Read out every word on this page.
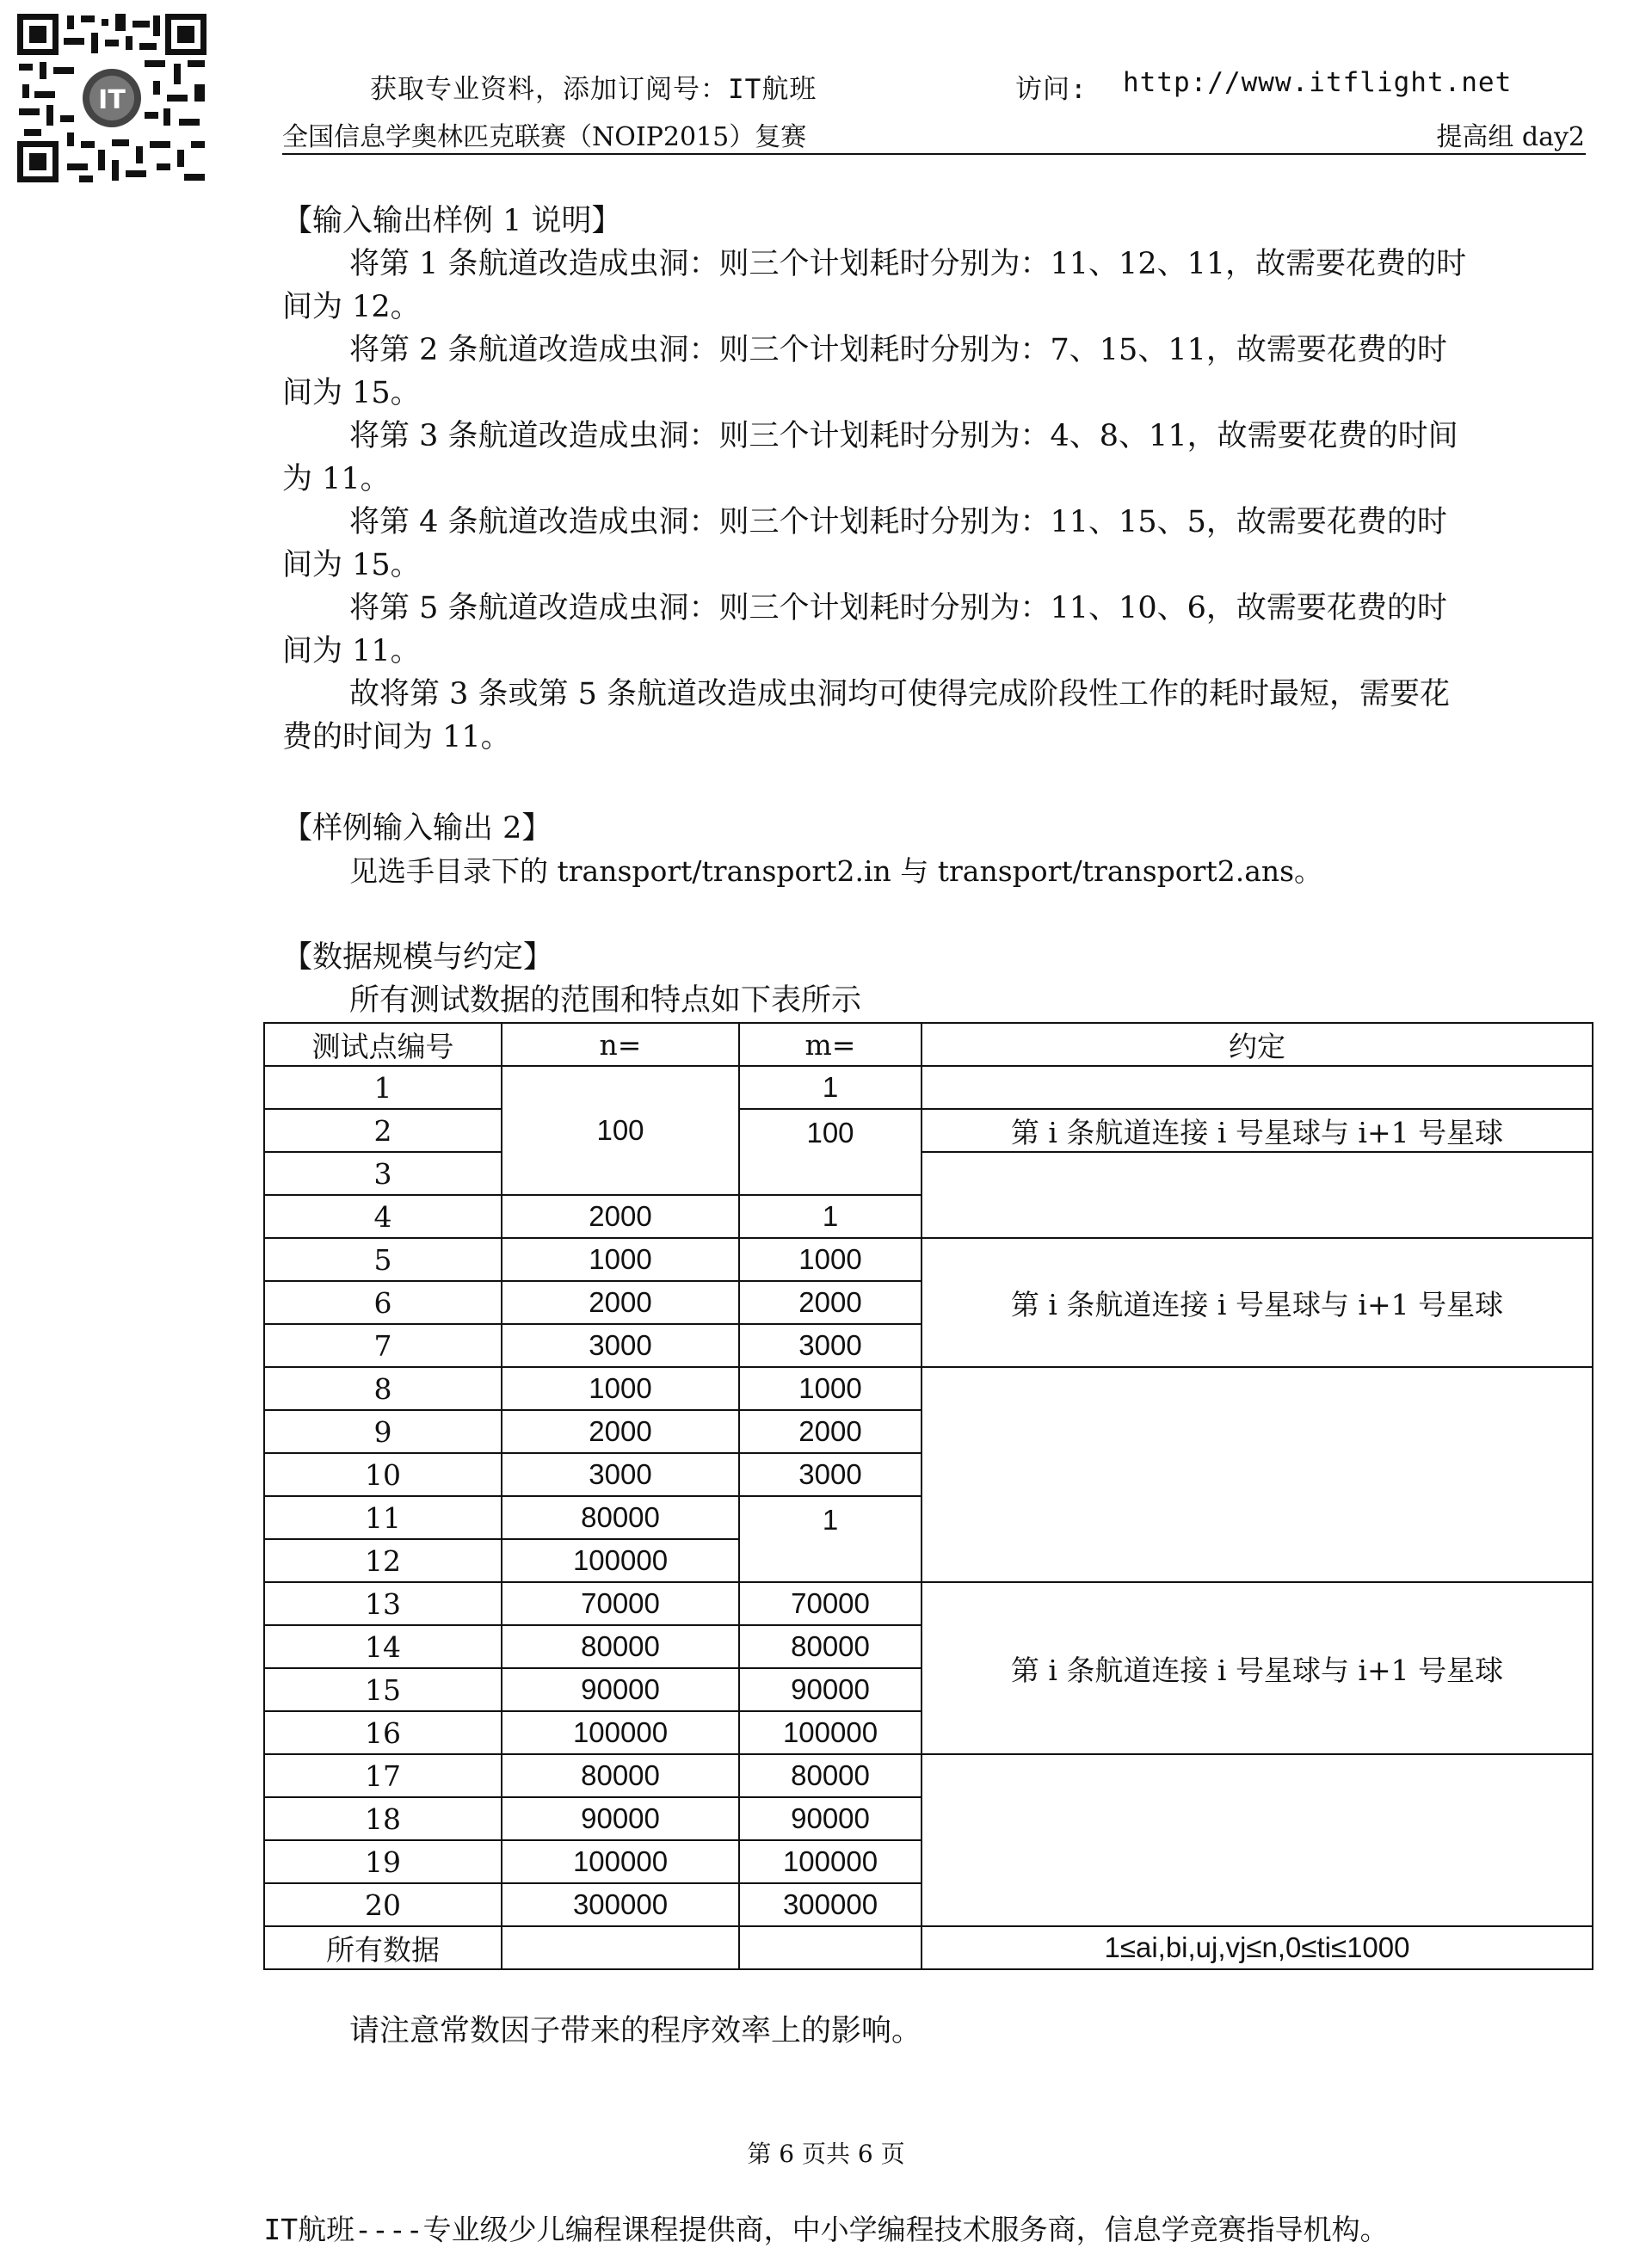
IT	获取专业资料，添加订阅号：IT航班	访问: http://www.itflight.net
全国信息学奥林匹克联赛（NOIP2015）复赛	提高组 day2
【输入输出样例 1 说明】
将第 1 条航道改造成虫洞：则三个计划耗时分别为：11、12、11，故需要花费的时
间为 12。
将第 2 条航道改造成虫洞：则三个计划耗时分别为：7、15、11，故需要花费的时
间为 15。
将第 3 条航道改造成虫洞：则三个计划耗时分别为：4、8、11，故需要花费的时间
为 11。
将第 4 条航道改造成虫洞：则三个计划耗时分别为：11、15、5，故需要花费的时
间为 15。
将第 5 条航道改造成虫洞：则三个计划耗时分别为：11、10、6，故需要花费的时
间为 11。
故将第 3 条或第 5 条航道改造成虫洞均可使得完成阶段性工作的耗时最短，需要花
费的时间为 11。
【样例输入输出 2】
见选手目录下的 transport/transport2.in 与 transport/transport2.ans。
【数据规模与约定】
所有测试数据的范围和特点如下表所示
测试点编号	n=	m=	约定
1	100	1	
2		100	第 i 条航道连接 i 号星球与 i+1 号星球
3			
4	2000	1	
5	1000	1000	第 i 条航道连接 i 号星球与 i+1 号星球
6	2000	2000	
7	3000	3000	
8	1000	1000	
9	2000	2000	
10	3000	3000	
11	80000	1	
12	100000		
13	70000	70000	第 i 条航道连接 i 号星球与 i+1 号星球
14	80000	80000	
15	90000	90000	
16	100000	100000	
17	80000	80000	
18	90000	90000	
19	100000	100000	
20	300000	300000	
所有数据			1≤ai,bi,uj,vj≤n,0≤ti≤1000
请注意常数因子带来的程序效率上的影响。
第 6 页共 6 页
IT航班----专业级少儿编程课程提供商，中小学编程技术服务商，信息学竞赛指导机构。
